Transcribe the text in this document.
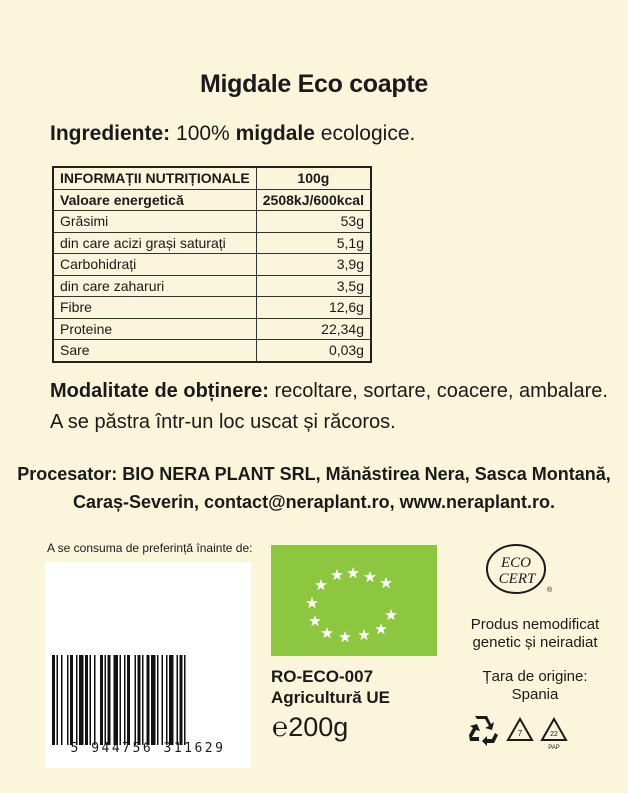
Migdale Eco coapte
Ingrediente: 100% migdale ecologice.
INFORMAȚII NUTRIȚIONALE	100g
Valoare energetică	2508kJ/600kcal
Grăsimi	53g
din care acizi grași saturați	5,1g
Carbohidrați	3,9g
din care zaharuri	3,5g
Fibre	12,6g
Proteine	22,34g
Sare	0,03g
Modalitate de obținere: recoltare, sortare, coacere, ambalare.
A se păstra într-un loc uscat și răcoros.
Procesator: BIO NERA PLANT SRL, Mănăstirea Nera, Sasca Montană,
Caraș-Severin, contact@neraplant.ro, www.neraplant.ro.
A se consuma de preferință înainte de:
5 944756 311629
RO-ECO-007
Agricultură UE
℮200g
ECO
CERT
®
Produs nemodificat
genetic și neiradiat
Țara de origine:
Spania
7	22
PAP
